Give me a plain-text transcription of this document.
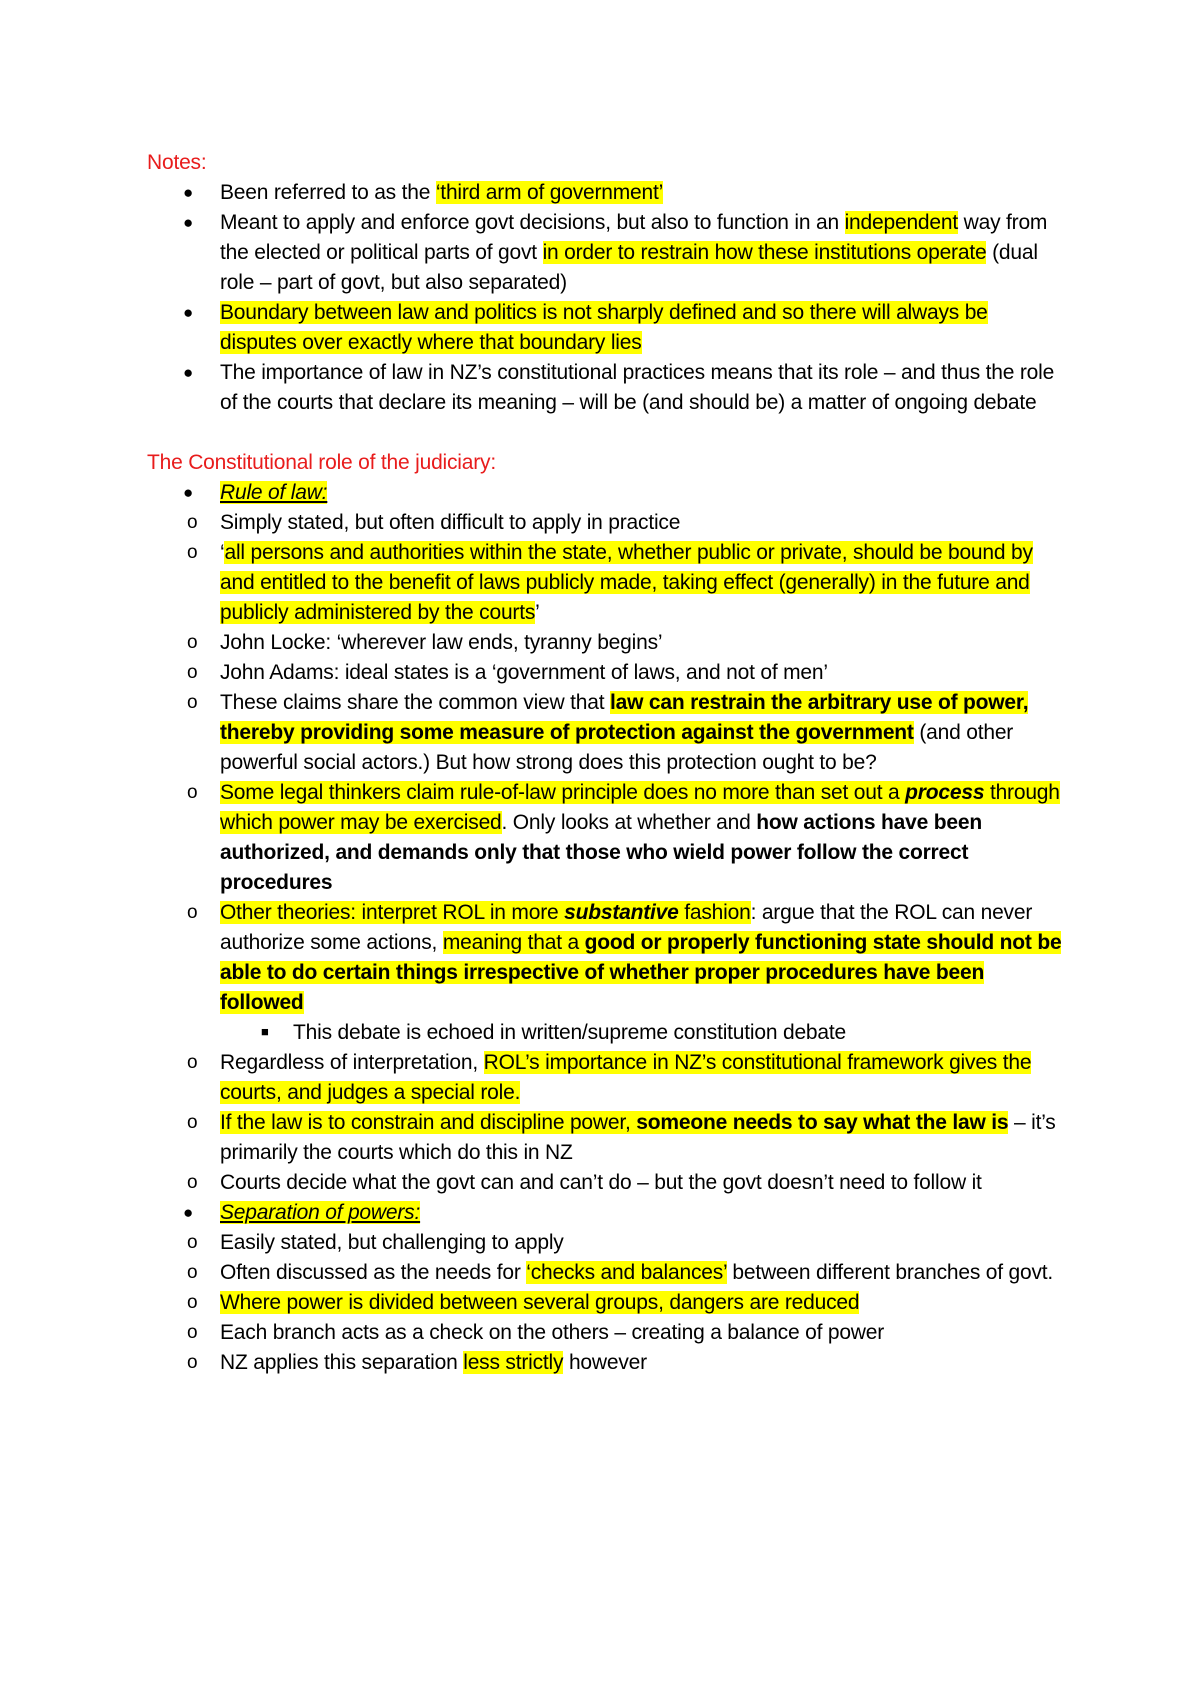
Notes:

●	Been referred to as the ‘third arm of government’
●	Meant to apply and enforce govt decisions, but also to function in an independent way from the elected or political parts of govt in order to restrain how these institutions operate (dual role – part of govt, but also separated)
●	Boundary between law and politics is not sharply defined and so there will always be disputes over exactly where that boundary lies
●	The importance of law in NZ’s constitutional practices means that its role – and thus the role of the courts that declare its meaning – will be (and should be) a matter of ongoing debate

The Constitutional role of the judiciary:

●	Rule of law:
o	Simply stated, but often difficult to apply in practice
o	‘all persons and authorities within the state, whether public or private, should be bound by and entitled to the benefit of laws publicly made, taking effect (generally) in the future and publicly administered by the courts’
o	John Locke: ‘wherever law ends, tyranny begins’
o	John Adams: ideal states is a ‘government of laws, and not of men’
o	These claims share the common view that law can restrain the arbitrary use of power, thereby providing some measure of protection against the government (and other powerful social actors.) But how strong does this protection ought to be?
o	Some legal thinkers claim rule-of-law principle does no more than set out a process through which power may be exercised. Only looks at whether and how actions have been authorized, and demands only that those who wield power follow the correct procedures
o	Other theories: interpret ROL in more substantive fashion: argue that the ROL can never authorize some actions, meaning that a good or properly functioning state should not be able to do certain things irrespective of whether proper procedures have been followed
■ This debate is echoed in written/supreme constitution debate
o	Regardless of interpretation, ROL’s importance in NZ’s constitutional framework gives the courts, and judges a special role.
o	If the law is to constrain and discipline power, someone needs to say what the law is – it’s primarily the courts which do this in NZ
o	Courts decide what the govt can and can’t do – but the govt doesn’t need to follow it
●	Separation of powers:
o	Easily stated, but challenging to apply
o	Often discussed as the needs for ‘checks and balances’ between different branches of govt.
o	Where power is divided between several groups, dangers are reduced
o	Each branch acts as a check on the others – creating a balance of power
o	NZ applies this separation less strictly however
